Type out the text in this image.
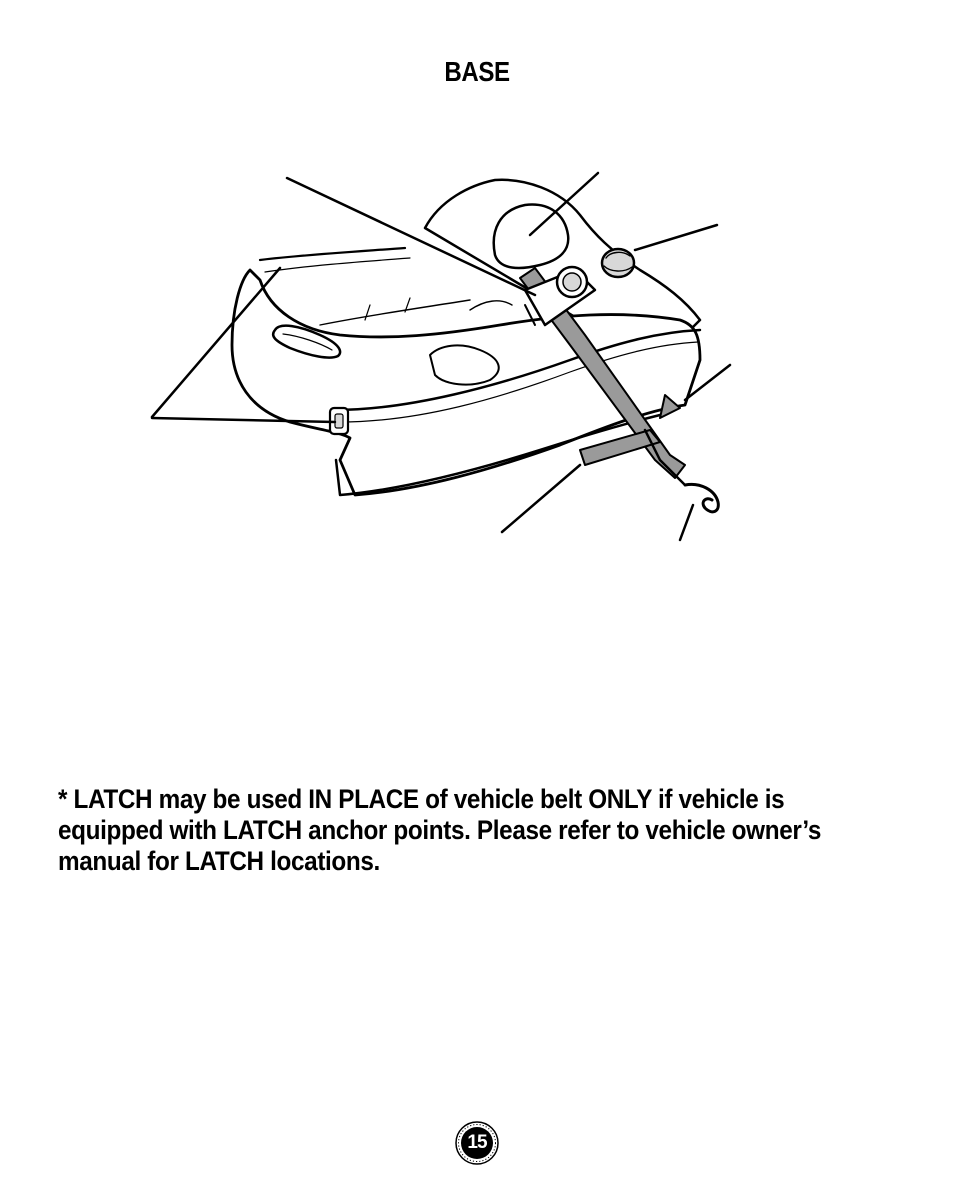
BASE
* LATCH may be used IN PLACE of vehicle belt ONLY if vehicle is equipped with LATCH anchor points. Please refer to vehicle owner’s manual for LATCH locations.
15
